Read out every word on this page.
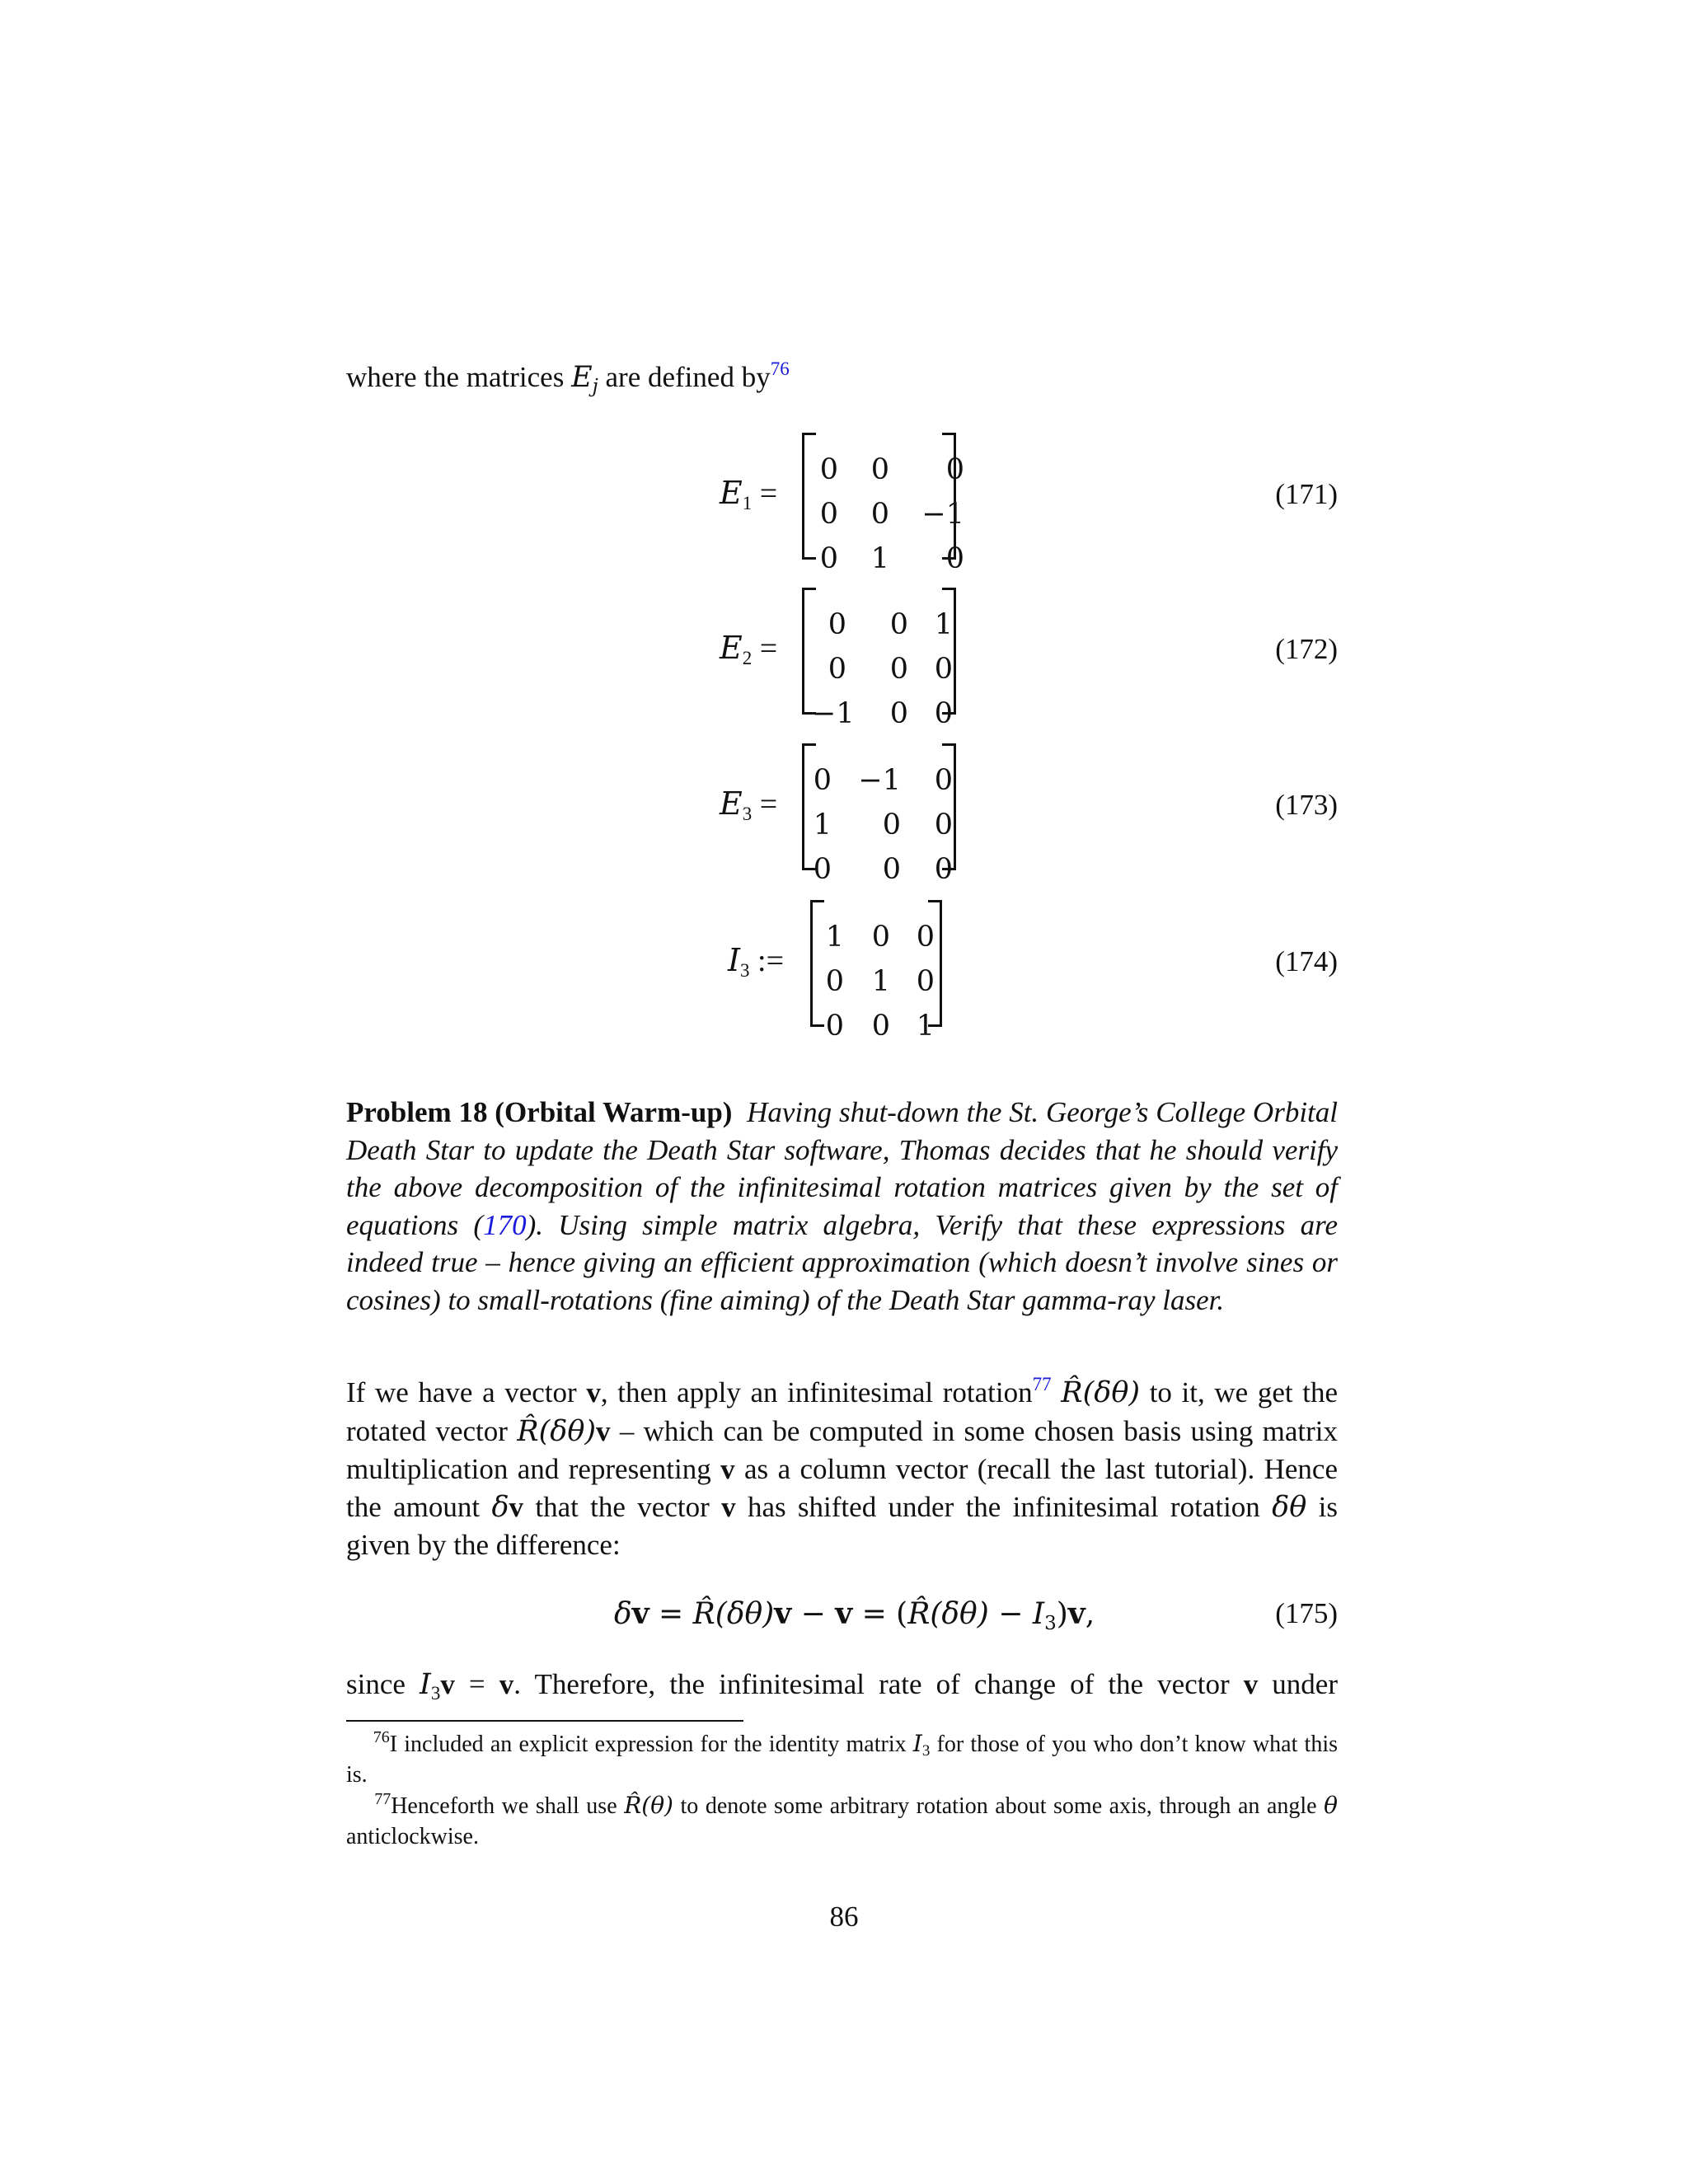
where the matrices $E_j$ are defined by$^{76}$
$E_1$ =
0	0	0
0	0	−1
0	1	0
(171)
$E_2$ =
0	0 1
0	0 0
−1	0 0
(172)
$E_3$ =
0 −1	0
1	0	0
0	0	0
(173)
$I_3$ :=
1 0 0
0 1 0
0 0 1
(174)
Problem 18 (Orbital Warm-up) Having shut-down the St. George’s College Orbital Death Star to update the Death Star software, Thomas decides that he should verify the above decomposition of the infinitesimal rotation matrices given by the set of equations (170). Using simple matrix algebra, Verify that these expressions are indeed true – hence giving an efficient approximation (which doesn’t involve sines or cosines) to small-rotations (fine aiming) of the Death Star gamma-ray laser.
If we have a vector v, then apply an infinitesimal rotation$^{77}$ R̂(δθ) to it, we get the rotated vector R̂(δθ)v – which can be computed in some chosen basis using matrix multiplication and representing v as a column vector (recall the last tutorial). Hence the amount δv that the vector v has shifted under the infinitesimal rotation δθ is given by the difference:
δv = R̂(δθ)v − v = (R̂(δθ) − $I_3)v$,	(175)
since $I_3v = v$. Therefore, the infinitesimal rate of change of the vector v under
$^{76}$I included an explicit expression for the identity matrix $I_3$ for those of you who don’t know what this is.
$^{77}$Henceforth we shall use R̂(θ) to denote some arbitrary rotation about some axis, through an angle θ anticlockwise.
86
